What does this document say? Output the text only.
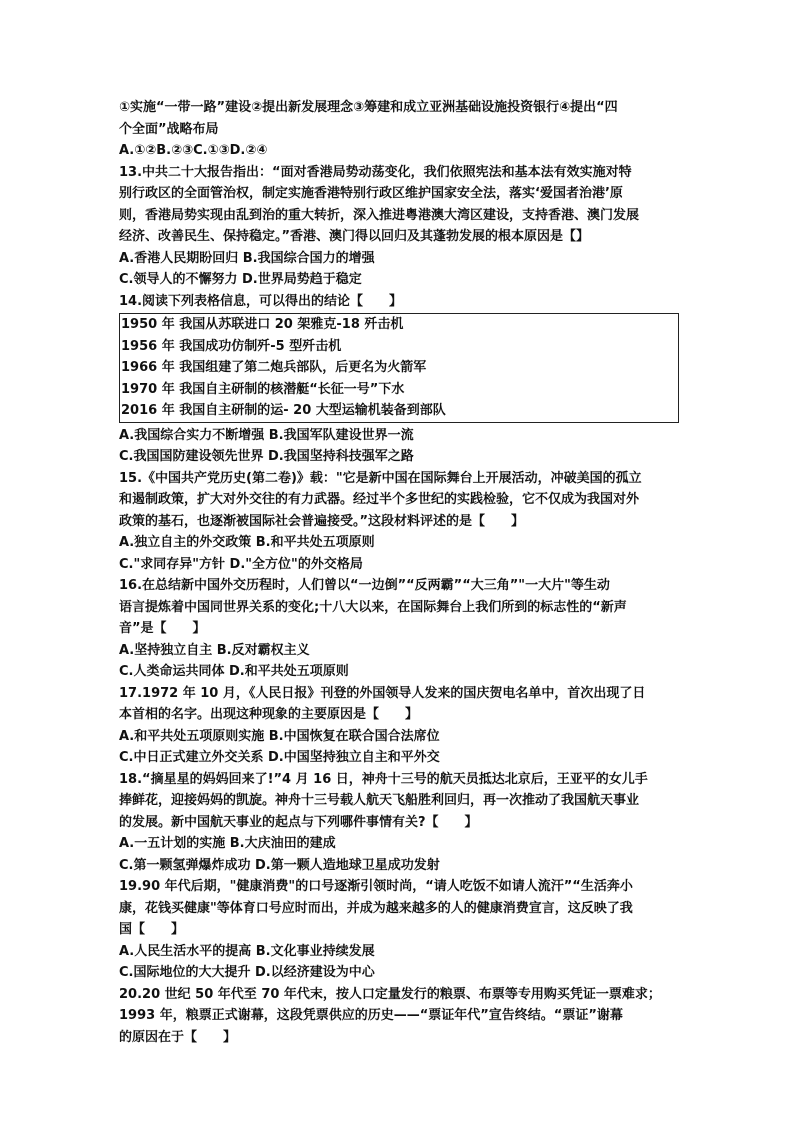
①实施“一带一路”建设②提出新发展理念③筹建和成立亚洲基础设施投资银行④提出“四
个全面”战略布局
A.①②B.②③C.①③D.②④
13.中共二十大报告指出：“面对香港局势动荡变化，我们依照宪法和基本法有效实施对特
别行政区的全面管治权，制定实施香港特别行政区维护国家安全法，落实‘爱国者治港’原
则，香港局势实现由乱到治的重大转折，深入推进粤港澳大湾区建设，支持香港、澳门发展
经济、改善民生、保持稳定。”香港、澳门得以回归及其蓬勃发展的根本原因是【】
A.香港人民期盼回归 B.我国综合国力的增强
C.领导人的不懈努力 D.世界局势趋于稳定
14.阅读下列表格信息，可以得出的结论【　　】
1950 年 我国从苏联进口 20 架雅克-18 歼击机
1956 年 我国成功仿制歼-5 型歼击机
1966 年 我国组建了第二炮兵部队，后更名为火箭军
1970 年 我国自主研制的核潜艇“长征一号”下水
2016 年 我国自主研制的运- 20 大型运输机装备到部队
A.我国综合实力不断增强 B.我国军队建设世界一流
C.我国国防建设领先世界 D.我国坚持科技强军之路
15.《中国共产党历史(第二卷)》载："它是新中国在国际舞台上开展活动，冲破美国的孤立
和遏制政策，扩大对外交往的有力武器。经过半个多世纪的实践检验，它不仅成为我国对外
政策的基石，也逐渐被国际社会普遍接受。”这段材料评述的是【　　】
A.独立自主的外交政策 B.和平共处五项原则
C."求同存异"方针 D."全方位"的外交格局
16.在总结新中国外交历程时，人们曾以“一边倒”“反两霸”“大三角”"一大片"等生动
语言提炼着中国同世界关系的变化;十八大以来，在国际舞台上我们所到的标志性的“新声
音”是【　　】
A.坚持独立自主 B.反对霸权主义
C.人类命运共同体 D.和平共处五项原则
17.1972 年 10 月，《人民日报》刊登的外国领导人发来的国庆贺电名单中，首次出现了日
本首相的名字。出现这种现象的主要原因是【　　】
A.和平共处五项原则实施 B.中国恢复在联合国合法席位
C.中日正式建立外交关系 D.中国坚持独立自主和平外交
18.“摘星星的妈妈回来了!”4 月 16 日，神舟十三号的航天员抵达北京后，王亚平的女儿手
捧鲜花，迎接妈妈的凯旋。神舟十三号载人航天飞船胜利回归，再一次推动了我国航天事业
的发展。新中国航天事业的起点与下列哪件事情有关?【　　】
A.一五计划的实施 B.大庆油田的建成
C.第一颗氢弹爆炸成功 D.第一颗人造地球卫星成功发射
19.90 年代后期，"健康消费"的口号逐渐引领时尚，“请人吃饭不如请人流汗”“生活奔小
康，花钱买健康"等体育口号应时而出，并成为越来越多的人的健康消费宣言，这反映了我
国【　　】
A.人民生活水平的提高 B.文化事业持续发展
C.国际地位的大大提升 D.以经济建设为中心
20.20 世纪 50 年代至 70 年代末，按人口定量发行的粮票、布票等专用购买凭证一票难求；
1993 年，粮票正式谢幕，这段凭票供应的历史——“票证年代”宣告终结。“票证”谢幕
的原因在于【　　】
